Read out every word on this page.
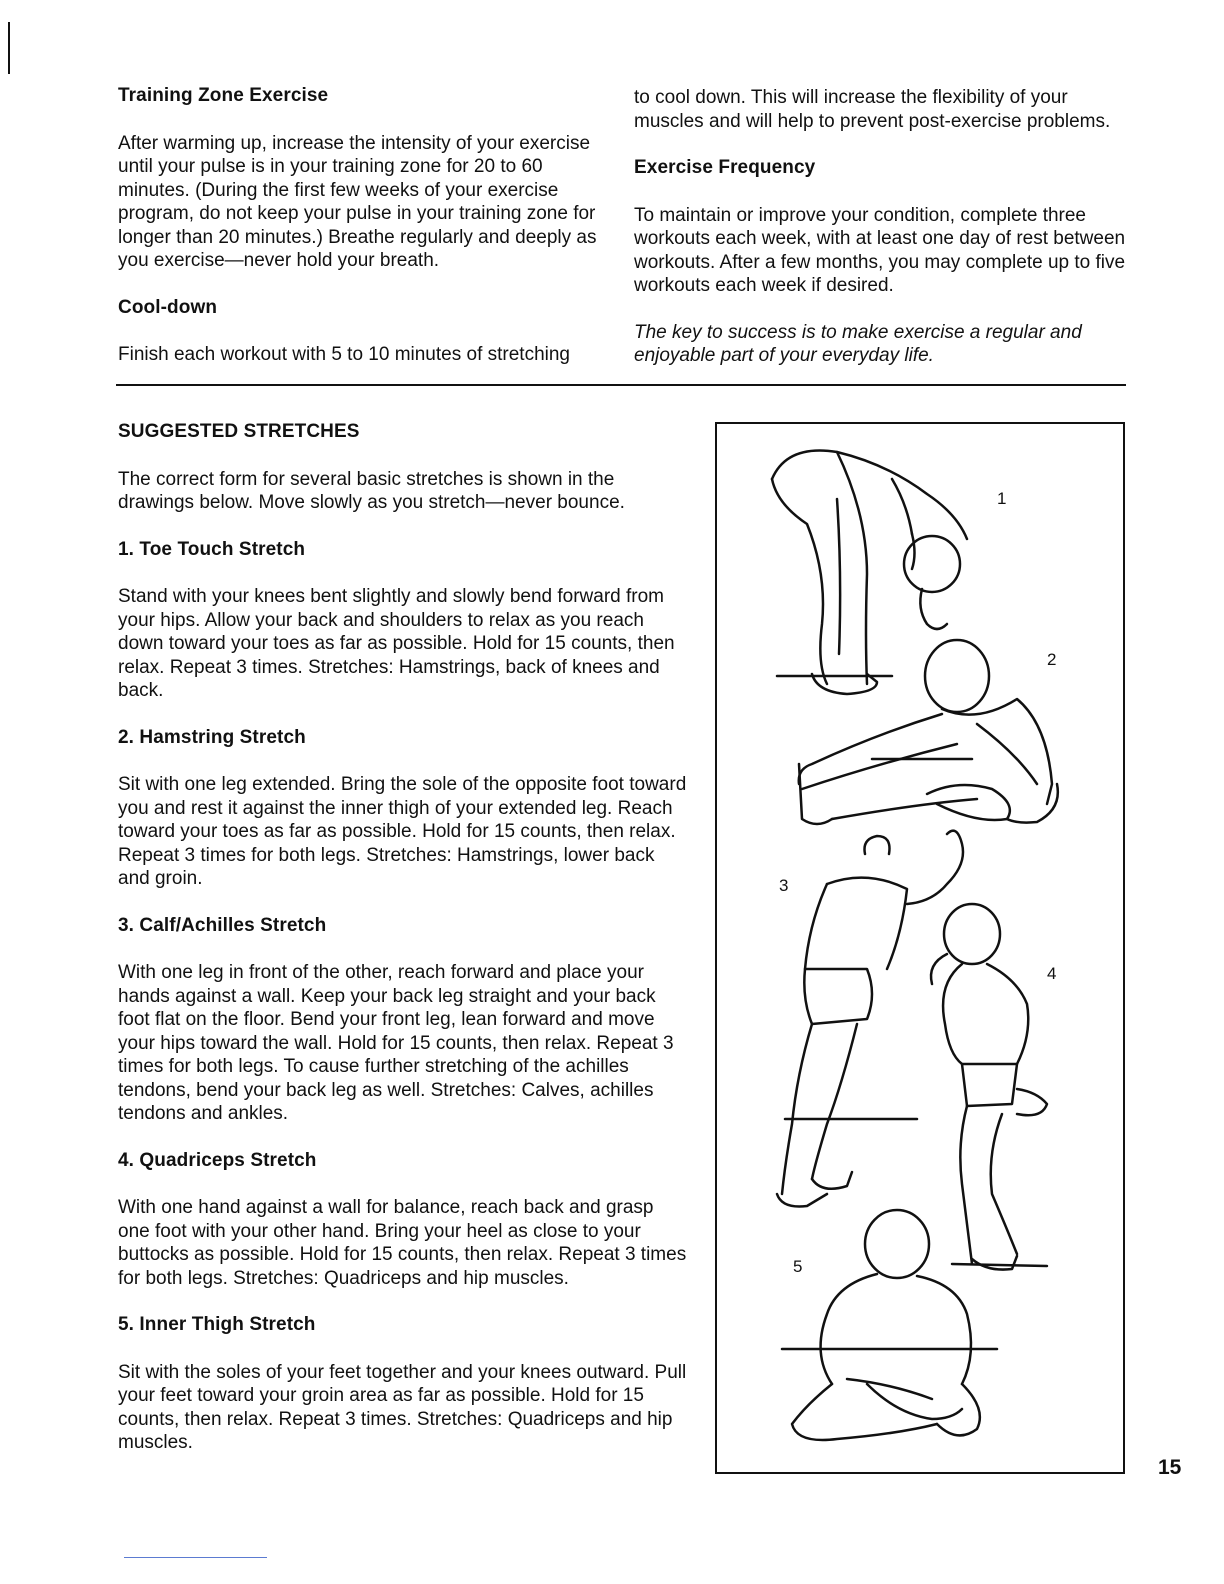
Training Zone Exercise

After warming up, increase the intensity of your exercise until your pulse is in your training zone for 20 to 60 minutes. (During the first few weeks of your exercise program, do not keep your pulse in your training zone for longer than 20 minutes.) Breathe regularly and deeply as you exercise—never hold your breath.

Cool-down

Finish each workout with 5 to 10 minutes of stretching

to cool down. This will increase the flexibility of your muscles and will help to prevent post-exercise problems.

Exercise Frequency

To maintain or improve your condition, complete three workouts each week, with at least one day of rest between workouts. After a few months, you may complete up to five workouts each week if desired.

The key to success is to make exercise a regular and enjoyable part of your everyday life.

SUGGESTED STRETCHES

The correct form for several basic stretches is shown in the drawings below. Move slowly as you stretch—never bounce.

1. Toe Touch Stretch

Stand with your knees bent slightly and slowly bend forward from your hips. Allow your back and shoulders to relax as you reach down toward your toes as far as possible. Hold for 15 counts, then relax. Repeat 3 times. Stretches: Hamstrings, back of knees and back.

2. Hamstring Stretch

Sit with one leg extended. Bring the sole of the opposite foot toward you and rest it against the inner thigh of your extended leg. Reach toward your toes as far as possible. Hold for 15 counts, then relax. Repeat 3 times for both legs. Stretches: Hamstrings, lower back and groin.

3. Calf/Achilles Stretch

With one leg in front of the other, reach forward and place your hands against a wall. Keep your back leg straight and your back foot flat on the floor. Bend your front leg, lean forward and move your hips toward the wall. Hold for 15 counts, then relax. Repeat 3 times for both legs. To cause further stretching of the achilles tendons, bend your back leg as well. Stretches: Calves, achilles tendons and ankles.

4. Quadriceps Stretch

With one hand against a wall for balance, reach back and grasp one foot with your other hand. Bring your heel as close to your buttocks as possible. Hold for 15 counts, then relax. Repeat 3 times for both legs. Stretches: Quadriceps and hip muscles.

5. Inner Thigh Stretch

Sit with the soles of your feet together and your knees outward. Pull your feet toward your groin area as far as possible. Hold for 15 counts, then relax. Repeat 3 times. Stretches: Quadriceps and hip muscles.

1
2
3
4
5
15
